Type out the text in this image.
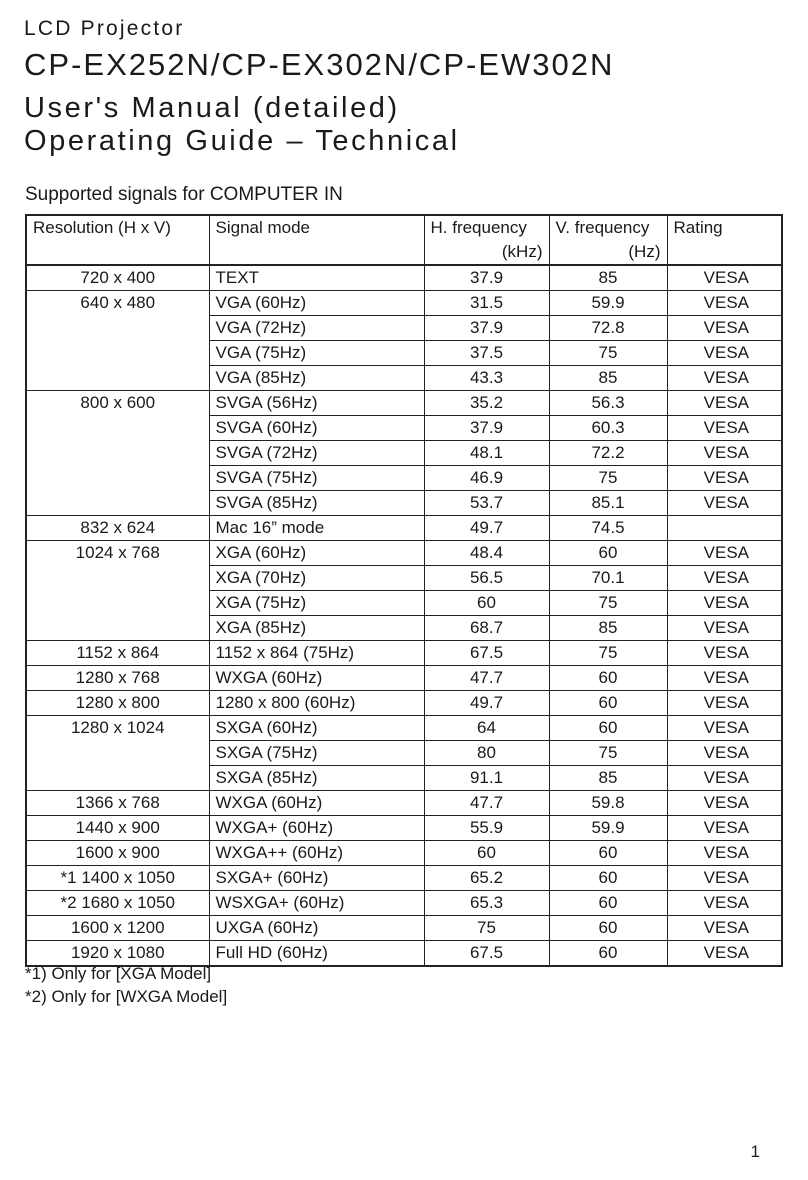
LCD Projector
CP-EX252N/CP-EX302N/CP-EW302N
User's Manual (detailed)
Operating Guide – Technical
Supported signals for COMPUTER IN
Resolution (H x V)	Signal mode	H. frequency	V. frequency	Rating
		(kHz)	(Hz)	
720 x 400	TEXT	37.9	85	VESA
640 x 480	VGA (60Hz)	31.5	59.9	VESA
	VGA (72Hz)	37.9	72.8	VESA
	VGA (75Hz)	37.5	75	VESA
	VGA (85Hz)	43.3	85	VESA
800 x 600	SVGA (56Hz)	35.2	56.3	VESA
	SVGA (60Hz)	37.9	60.3	VESA
	SVGA (72Hz)	48.1	72.2	VESA
	SVGA (75Hz)	46.9	75	VESA
	SVGA (85Hz)	53.7	85.1	VESA
832 x 624	Mac 16” mode	49.7	74.5	
1024 x 768	XGA (60Hz)	48.4	60	VESA
	XGA (70Hz)	56.5	70.1	VESA
	XGA (75Hz)	60	75	VESA
	XGA (85Hz)	68.7	85	VESA
1152 x 864	1152 x 864 (75Hz)	67.5	75	VESA
1280 x 768	WXGA (60Hz)	47.7	60	VESA
1280 x 800	1280 x 800 (60Hz)	49.7	60	VESA
1280 x 1024	SXGA (60Hz)	64	60	VESA
	SXGA (75Hz)	80	75	VESA
	SXGA (85Hz)	91.1	85	VESA
1366 x 768	WXGA (60Hz)	47.7	59.8	VESA
1440 x 900	WXGA+ (60Hz)	55.9	59.9	VESA
1600 x 900	WXGA++ (60Hz)	60	60	VESA
*1 1400 x 1050	SXGA+ (60Hz)	65.2	60	VESA
*2 1680 x 1050	WSXGA+ (60Hz)	65.3	60	VESA
1600 x 1200	UXGA (60Hz)	75	60	VESA
1920 x 1080	Full HD (60Hz)	67.5	60	VESA
*1) Only for [XGA Model]
*2) Only for [WXGA Model]
1
